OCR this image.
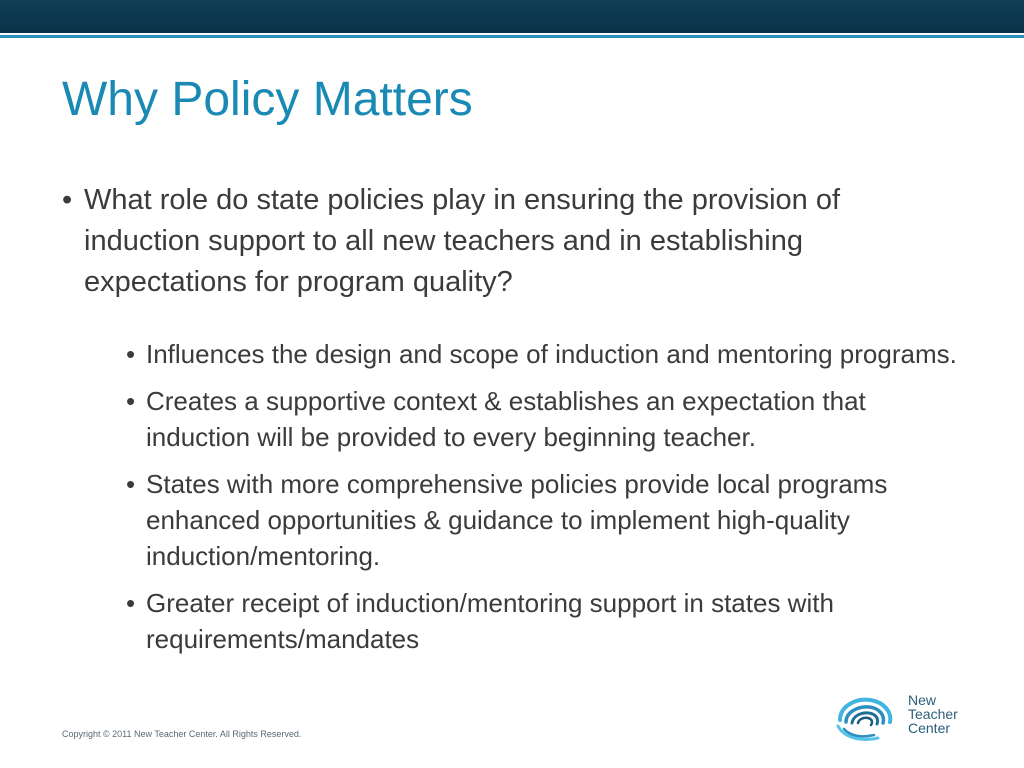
Why Policy Matters
• What role do state policies play in ensuring the provision of induction support to all new teachers and in establishing expectations for program quality?
• Influences the design and scope of induction and mentoring programs.
• Creates a supportive context & establishes an expectation that induction will be provided to every beginning teacher.
• States with more comprehensive policies provide local programs enhanced opportunities & guidance to implement high-quality induction/mentoring.
• Greater receipt of induction/mentoring support in states with requirements/mandates
Copyright © 2011 New Teacher Center. All Rights Reserved.
New
Teacher
Center
